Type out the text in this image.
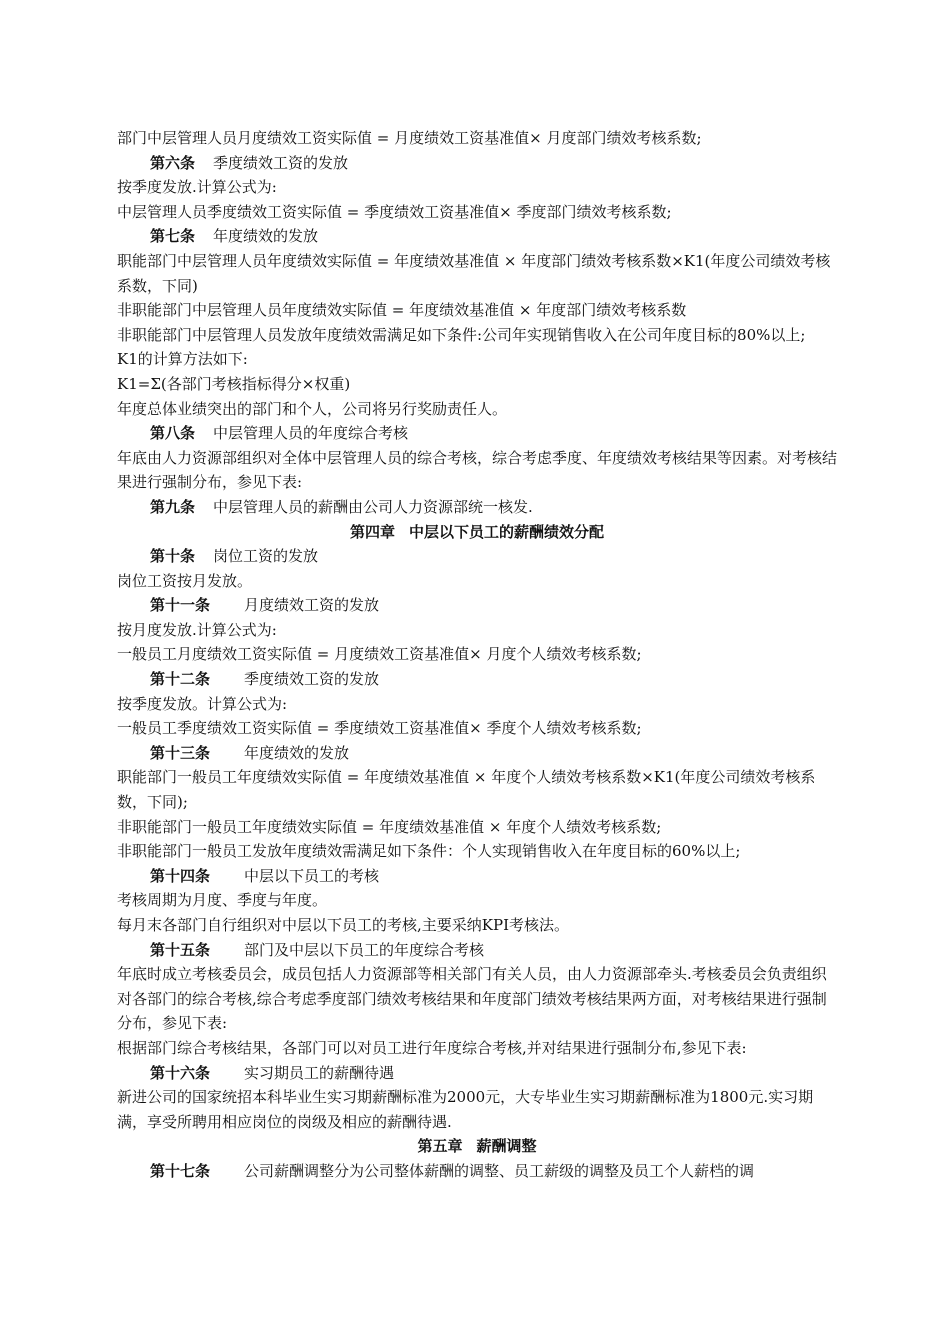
部门中层管理人员月度绩效工资实际值 = 月度绩效工资基准值× 月度部门绩效考核系数;
第六条 季度绩效工资的发放
按季度发放.计算公式为:
中层管理人员季度绩效工资实际值 = 季度绩效工资基准值× 季度部门绩效考核系数;
第七条 年度绩效的发放
职能部门中层管理人员年度绩效实际值 = 年度绩效基准值 × 年度部门绩效考核系数×K1(年度公司绩效考核系数，下同)
非职能部门中层管理人员年度绩效实际值 = 年度绩效基准值 × 年度部门绩效考核系数
非职能部门中层管理人员发放年度绩效需满足如下条件:公司年实现销售收入在公司年度目标的80%以上;
K1的计算方法如下:
K1=Σ(各部门考核指标得分×权重)
年度总体业绩突出的部门和个人，公司将另行奖励责任人。
第八条 中层管理人员的年度综合考核
年底由人力资源部组织对全体中层管理人员的综合考核，综合考虑季度、年度绩效考核结果等因素。对考核结果进行强制分布，参见下表:
第九条 中层管理人员的薪酬由公司人力资源部统一核发.
第四章 中层以下员工的薪酬绩效分配
第十条 岗位工资的发放
岗位工资按月发放。
第十一条 月度绩效工资的发放
按月度发放.计算公式为:
一般员工月度绩效工资实际值 = 月度绩效工资基准值× 月度个人绩效考核系数;
第十二条 季度绩效工资的发放
按季度发放。计算公式为:
一般员工季度绩效工资实际值 = 季度绩效工资基准值× 季度个人绩效考核系数;
第十三条 年度绩效的发放
职能部门一般员工年度绩效实际值 = 年度绩效基准值 × 年度个人绩效考核系数×K1(年度公司绩效考核系数，下同);
非职能部门一般员工年度绩效实际值 = 年度绩效基准值 × 年度个人绩效考核系数;
非职能部门一般员工发放年度绩效需满足如下条件：个人实现销售收入在年度目标的60%以上;
第十四条 中层以下员工的考核
考核周期为月度、季度与年度。
每月末各部门自行组织对中层以下员工的考核,主要采纳KPI考核法。
第十五条 部门及中层以下员工的年度综合考核
年底时成立考核委员会，成员包括人力资源部等相关部门有关人员，由人力资源部牵头.考核委员会负责组织对各部门的综合考核,综合考虑季度部门绩效考核结果和年度部门绩效考核结果两方面，对考核结果进行强制分布，参见下表:
根据部门综合考核结果，各部门可以对员工进行年度综合考核,并对结果进行强制分布,参见下表:
第十六条 实习期员工的薪酬待遇
新进公司的国家统招本科毕业生实习期薪酬标准为2000元，大专毕业生实习期薪酬标准为1800元.实习期满，享受所聘用相应岗位的岗级及相应的薪酬待遇.
第五章 薪酬调整
第十七条 公司薪酬调整分为公司整体薪酬的调整、员工薪级的调整及员工个人薪档的调
